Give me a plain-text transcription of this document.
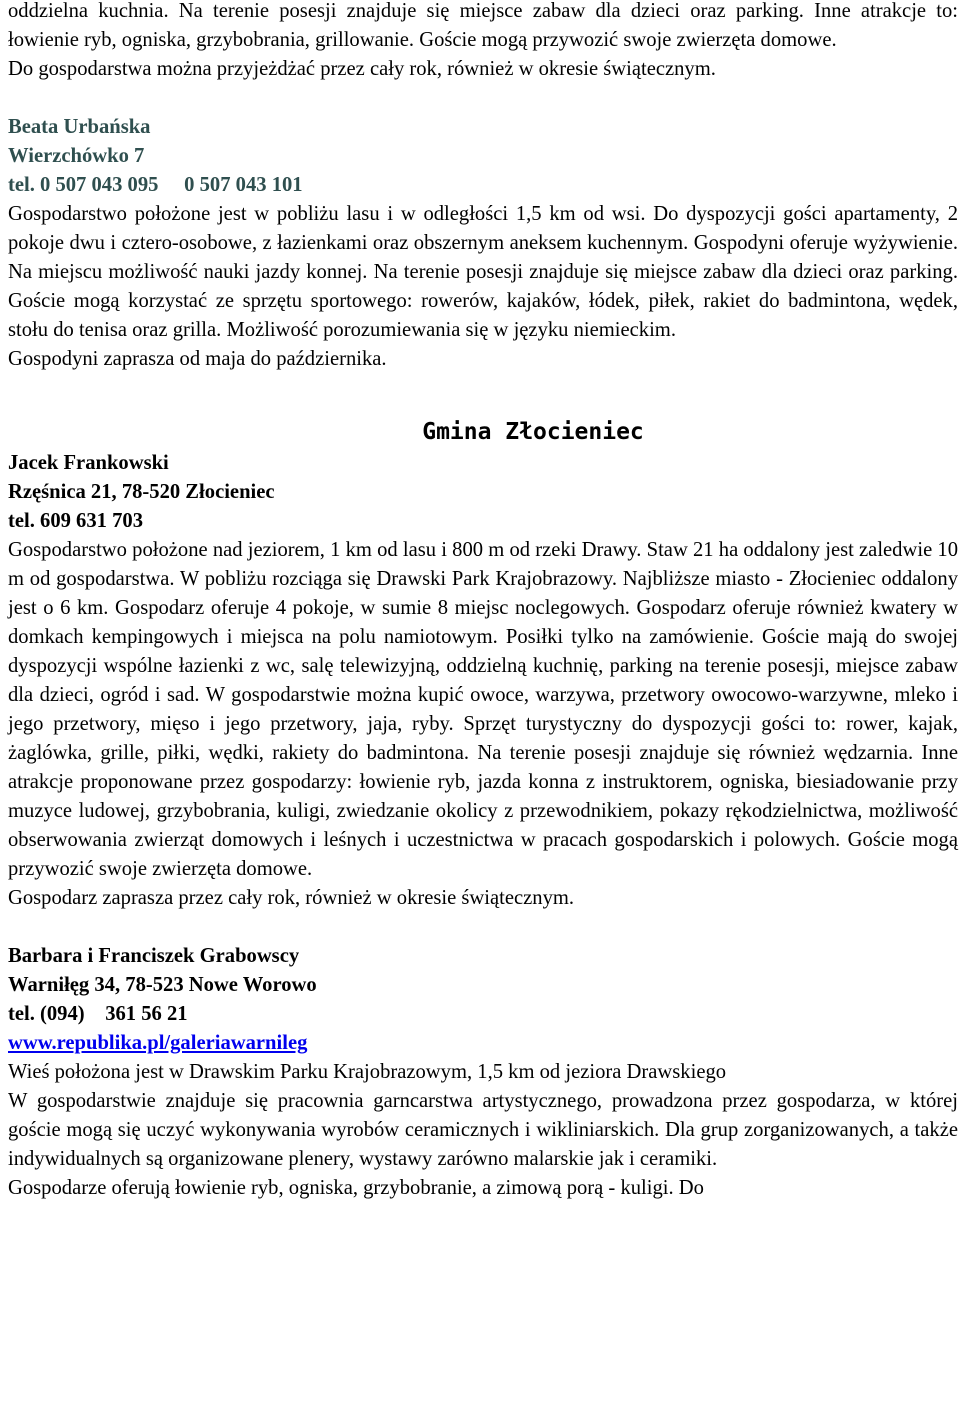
oddzielna kuchnia. Na terenie posesji znajduje się miejsce zabaw dla dzieci oraz parking. Inne atrakcje to: łowienie ryb, ogniska, grzybobrania, grillowanie. Goście mogą przywozić swoje zwierzęta domowe.

Do gospodarstwa można przyjeżdżać przez cały rok, również w okresie świątecznym.

Beata Urbańska

Wierzchówko 7

tel. 0 507 043 095     0 507 043 101

Gospodarstwo położone jest w pobliżu lasu i w odległości 1,5 km od wsi. Do dyspozycji gości apartamenty, 2 pokoje dwu i cztero-osobowe, z łazienkami oraz obszernym aneksem kuchennym. Gospodyni oferuje wyżywienie. Na miejscu możliwość nauki jazdy konnej. Na terenie posesji znajduje się miejsce zabaw dla dzieci oraz parking. Goście mogą korzystać ze sprzętu sportowego: rowerów, kajaków, łódek, piłek, rakiet do badmintona, wędek, stołu do tenisa oraz grilla. Możliwość porozumiewania się w języku niemieckim.

Gospodyni zaprasza od maja do października.

Gmina Złocieniec

Jacek Frankowski

Rzęśnica 21, 78-520 Złocieniec

tel. 609 631 703

Gospodarstwo położone nad jeziorem, 1 km od lasu i 800 m od rzeki Drawy. Staw 21 ha oddalony jest zaledwie 10 m od gospodarstwa. W pobliżu rozciąga się Drawski Park Krajobrazowy. Najbliższe miasto - Złocieniec oddalony jest o 6 km. Gospodarz oferuje 4 pokoje, w sumie 8 miejsc noclegowych. Gospodarz oferuje również kwatery w domkach kempingowych i miejsca na polu namiotowym. Posiłki tylko na zamówienie. Goście mają do swojej dyspozycji wspólne łazienki z wc, salę telewizyjną, oddzielną kuchnię, parking na terenie posesji, miejsce zabaw dla dzieci, ogród i sad. W gospodarstwie można kupić owoce, warzywa, przetwory owocowo-warzywne, mleko i jego przetwory, mięso i jego przetwory, jaja, ryby. Sprzęt turystyczny do dyspozycji gości to: rower, kajak, żaglówka, grille, piłki, wędki, rakiety do badmintona. Na terenie posesji znajduje się również wędzarnia. Inne atrakcje proponowane przez gospodarzy: łowienie ryb, jazda konna z instruktorem, ogniska, biesiadowanie przy muzyce ludowej, grzybobrania, kuligi, zwiedzanie okolicy z przewodnikiem, pokazy rękodzielnictwa, możliwość obserwowania zwierząt domowych i leśnych i uczestnictwa w pracach gospodarskich i polowych. Goście mogą przywozić swoje zwierzęta domowe.

Gospodarz zaprasza przez cały rok, również w okresie świątecznym.

Barbara i Franciszek Grabowscy

Warniłęg 34, 78-523 Nowe Worowo

tel. (094)    361 56 21

www.republika.pl/galeriawarnileg

Wieś położona jest w Drawskim Parku Krajobrazowym, 1,5 km od jeziora Drawskiego

W gospodarstwie znajduje się pracownia garncarstwa artystycznego, prowadzona przez gospodarza, w której goście mogą się uczyć wykonywania wyrobów ceramicznych i wikliniarskich. Dla grup zorganizowanych, a także indywidualnych są organizowane plenery, wystawy zarówno malarskie jak i ceramiki.

Gospodarze oferują łowienie ryb, ogniska, grzybobranie, a zimową porą - kuligi. Do
